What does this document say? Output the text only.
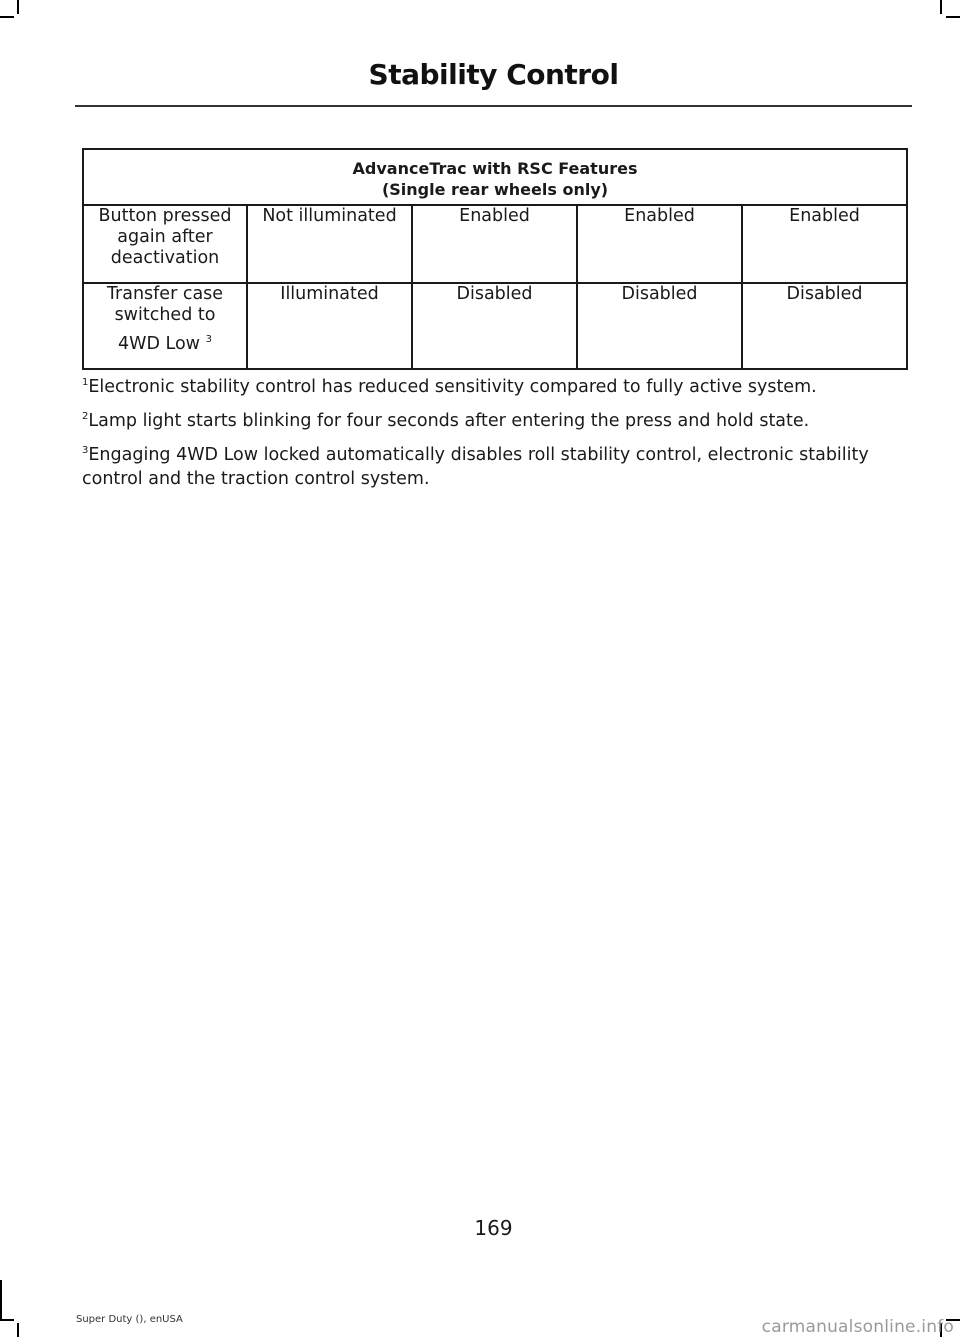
Stability Control
AdvanceTrac with RSC Features
(Single rear wheels only)				

Button pressed
again after
deactivation	Not illuminated	Enabled	Enabled	Enabled

Transfer case
switched to
4WD Low $^3$	Illuminated	Disabled	Disabled	Disabled

$^1$Electronic stability control has reduced sensitivity compared to fully active system.

$^2$Lamp light starts blinking for four seconds after entering the press and hold state.

$^3$Engaging 4WD Low locked automatically disables roll stability control, electronic stability control and the traction control system.

169
Super Duty (), enUSA	carmanualsonline.info
